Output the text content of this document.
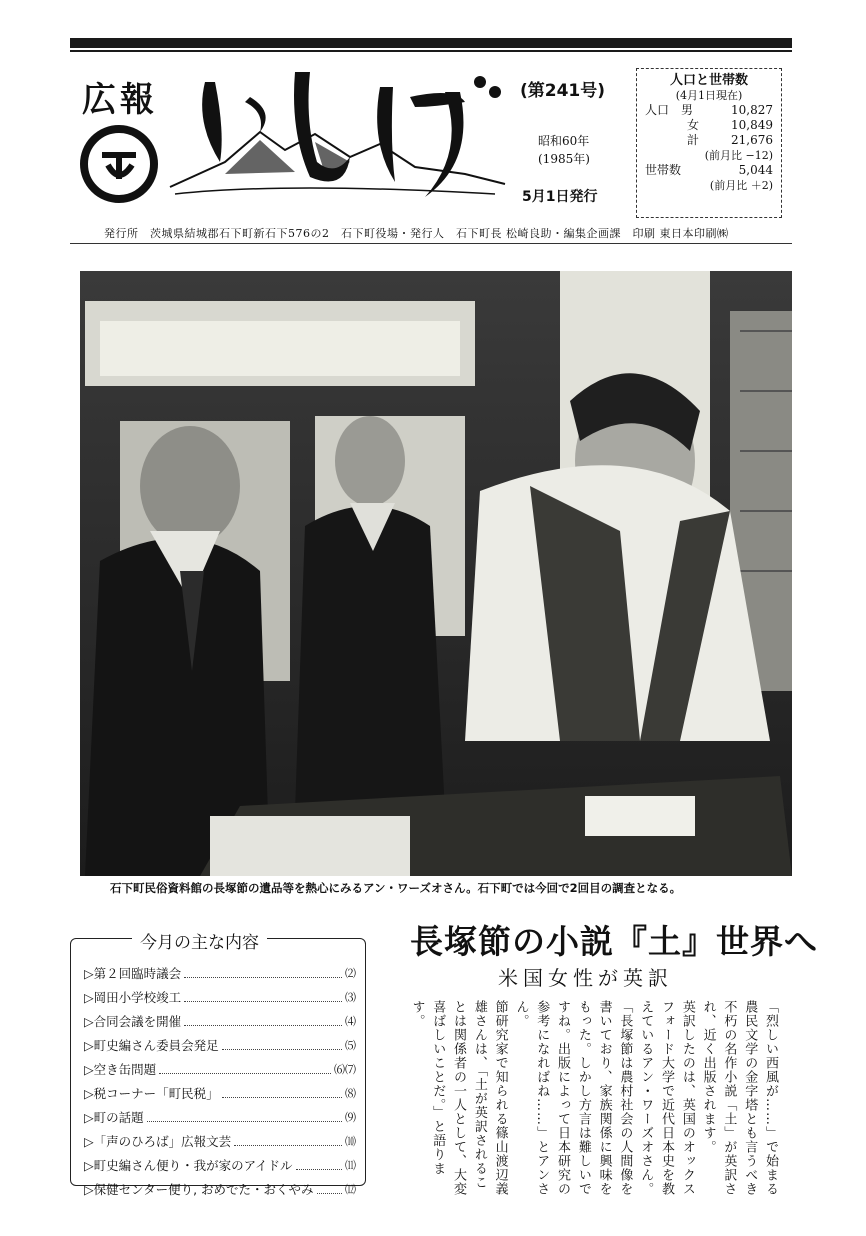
広報	(第241号)
昭和60年
(1985年)
5月1日発行
人口と世帯数
(4月1日現在)
人口　男	10,827
女	10,849
計	21,676
(前月比 −12)
世帯数	5,044
(前月比 ＋2)
発行所　茨城県結城郡石下町新石下576の2　石下町役場・発行人　石下町長 松崎良助・編集企画課　印刷 東日本印刷㈱
石下町民俗資料館の長塚節の遺品等を熱心にみるアン・ワーズオさん。石下町では今回で2回目の調査となる。
今月の主な内容
▷第２回臨時議会	⑵
▷岡田小学校竣工	⑶
▷合同会議を開催	⑷
▷町史編さん委員会発足	⑸
▷空き缶問題	⑹⑺
▷税コーナー「町民税」	⑻
▷町の話題	⑼
▷「声のひろば」広報文芸	⑽
▷町史編さん便り・我が家のアイドル	⑾
▷保健センター便り, おめでた・おくやみ	⑿
長塚節の小説『土』世界へ
米国女性が英訳
「烈しい西風が……」で始まる農民文学の金字塔とも言うべき不朽の名作小説「土」が英訳され、近く出版されます。
英訳したのは、英国のオックスフォード大学で近代日本史を教えているアン・ワーズオさん。「長塚節は農村社会の人間像を書いており、家族関係に興味をもった。しかし方言は難しいですね。出版によって日本研究の参考になればね……」とアンさん。
節研究家で知られる篠山渡辺義雄さんは、「土が英訳されることは関係者の一人として、大変喜ばしいことだ。」と語ります。
